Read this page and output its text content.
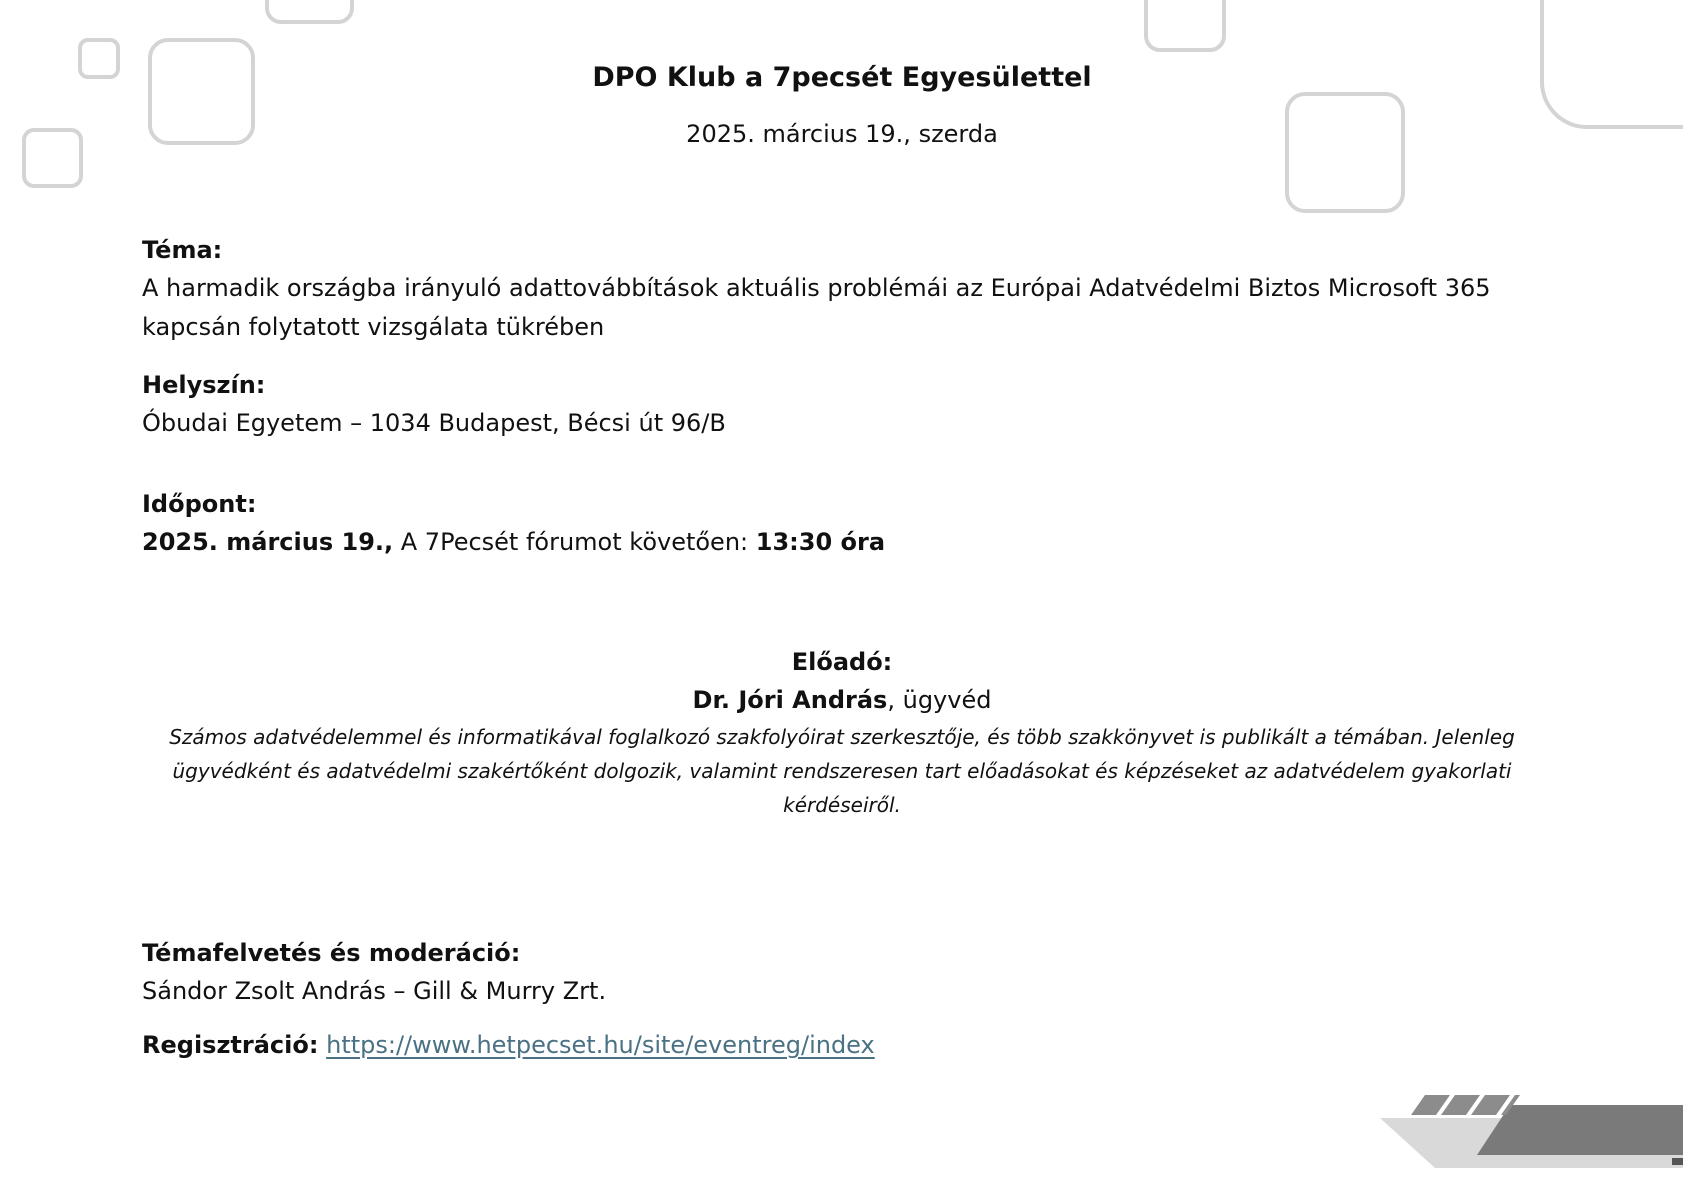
DPO Klub a 7pecsét Egyesülettel
2025. március 19., szerda
Téma:
A harmadik országba irányuló adattovábbítások aktuális problémái az Európai Adatvédelmi Biztos Microsoft 365 kapcsán folytatott vizsgálata tükrében
Helyszín:
Óbudai Egyetem – 1034 Budapest, Bécsi út 96/B
Időpont:
2025. március 19., A 7Pecsét fórumot követően: 13:30 óra
Előadó:
Dr. Jóri András, ügyvéd
Számos adatvédelemmel és informatikával foglalkozó szakfolyóirat szerkesztője, és több szakkönyvet is publikált a témában. Jelenleg ügyvédként és adatvédelmi szakértőként dolgozik, valamint rendszeresen tart előadásokat és képzéseket az adatvédelem gyakorlati kérdéseiről.
Témafelvetés és moderáció:
Sándor Zsolt András – Gill & Murry Zrt.
Regisztráció: https://www.hetpecset.hu/site/eventreg/index
